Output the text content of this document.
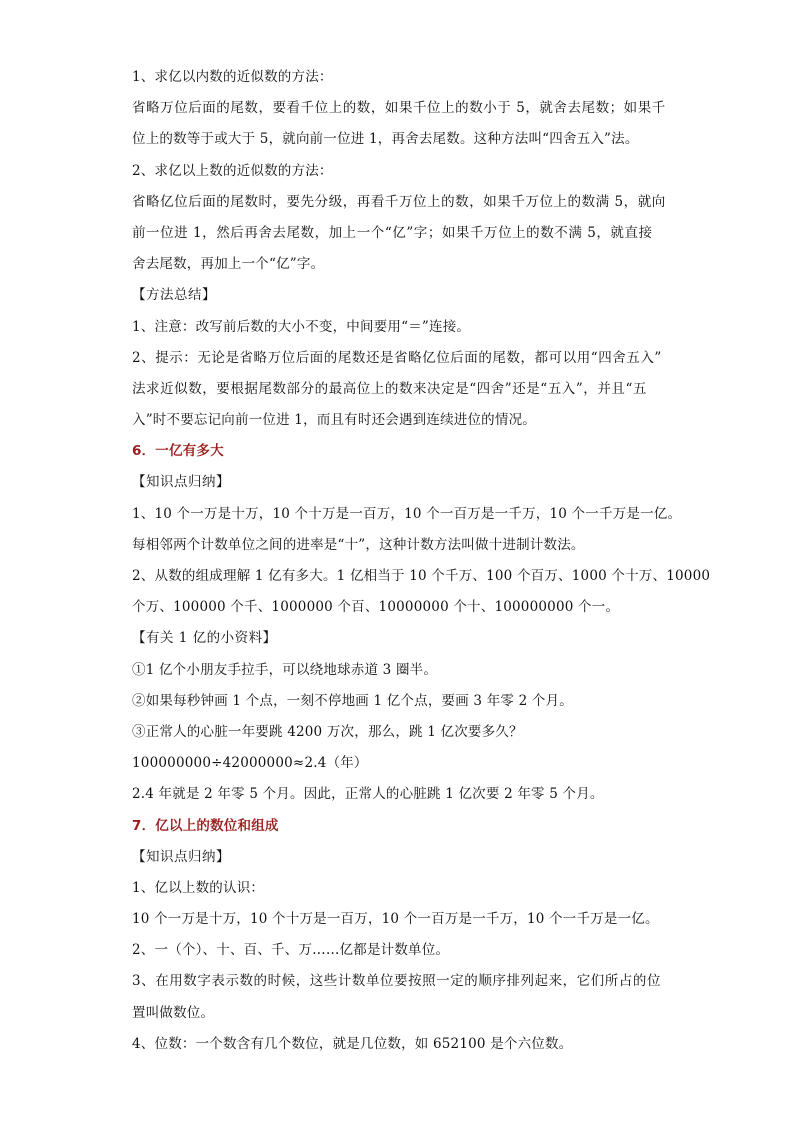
1、求亿以内数的近似数的方法：
省略万位后面的尾数，要看千位上的数，如果千位上的数小于 5，就舍去尾数；如果千
位上的数等于或大于 5，就向前一位进 1，再舍去尾数。这种方法叫“四舍五入”法。
2、求亿以上数的近似数的方法：
省略亿位后面的尾数时，要先分级，再看千万位上的数，如果千万位上的数满 5，就向
前一位进 1，然后再舍去尾数，加上一个“亿”字；如果千万位上的数不满 5，就直接
舍去尾数，再加上一个“亿”字。
【方法总结】
1、注意：改写前后数的大小不变，中间要用“＝”连接。
2、提示：无论是省略万位后面的尾数还是省略亿位后面的尾数，都可以用“四舍五入”
法求近似数，要根据尾数部分的最高位上的数来决定是“四舍”还是“五入”，并且“五
入”时不要忘记向前一位进 1，而且有时还会遇到连续进位的情况。
6．一亿有多大
【知识点归纳】
1、10 个一万是十万，10 个十万是一百万，10 个一百万是一千万，10 个一千万是一亿。
每相邻两个计数单位之间的进率是“十”，这种计数方法叫做十进制计数法。
2、从数的组成理解 1 亿有多大。1 亿相当于 10 个千万、100 个百万、1000 个十万、10000
个万、100000 个千、1000000 个百、10000000 个十、100000000 个一。
【有关 1 亿的小资料】
①1 亿个小朋友手拉手，可以绕地球赤道 3 圈半。
②如果每秒钟画 1 个点，一刻不停地画 1 亿个点，要画 3 年零 2 个月。
③正常人的心脏一年要跳 4200 万次，那么，跳 1 亿次要多久？
100000000÷42000000≈2.4（年）
2.4 年就是 2 年零 5 个月。因此，正常人的心脏跳 1 亿次要 2 年零 5 个月。
7．亿以上的数位和组成
【知识点归纳】
1、亿以上数的认识：
10 个一万是十万，10 个十万是一百万，10 个一百万是一千万，10 个一千万是一亿。
2、一（个）、十、百、千、万……亿都是计数单位。
3、在用数字表示数的时候，这些计数单位要按照一定的顺序排列起来，它们所占的位
置叫做数位。
4、位数：一个数含有几个数位，就是几位数，如 652100 是个六位数。
